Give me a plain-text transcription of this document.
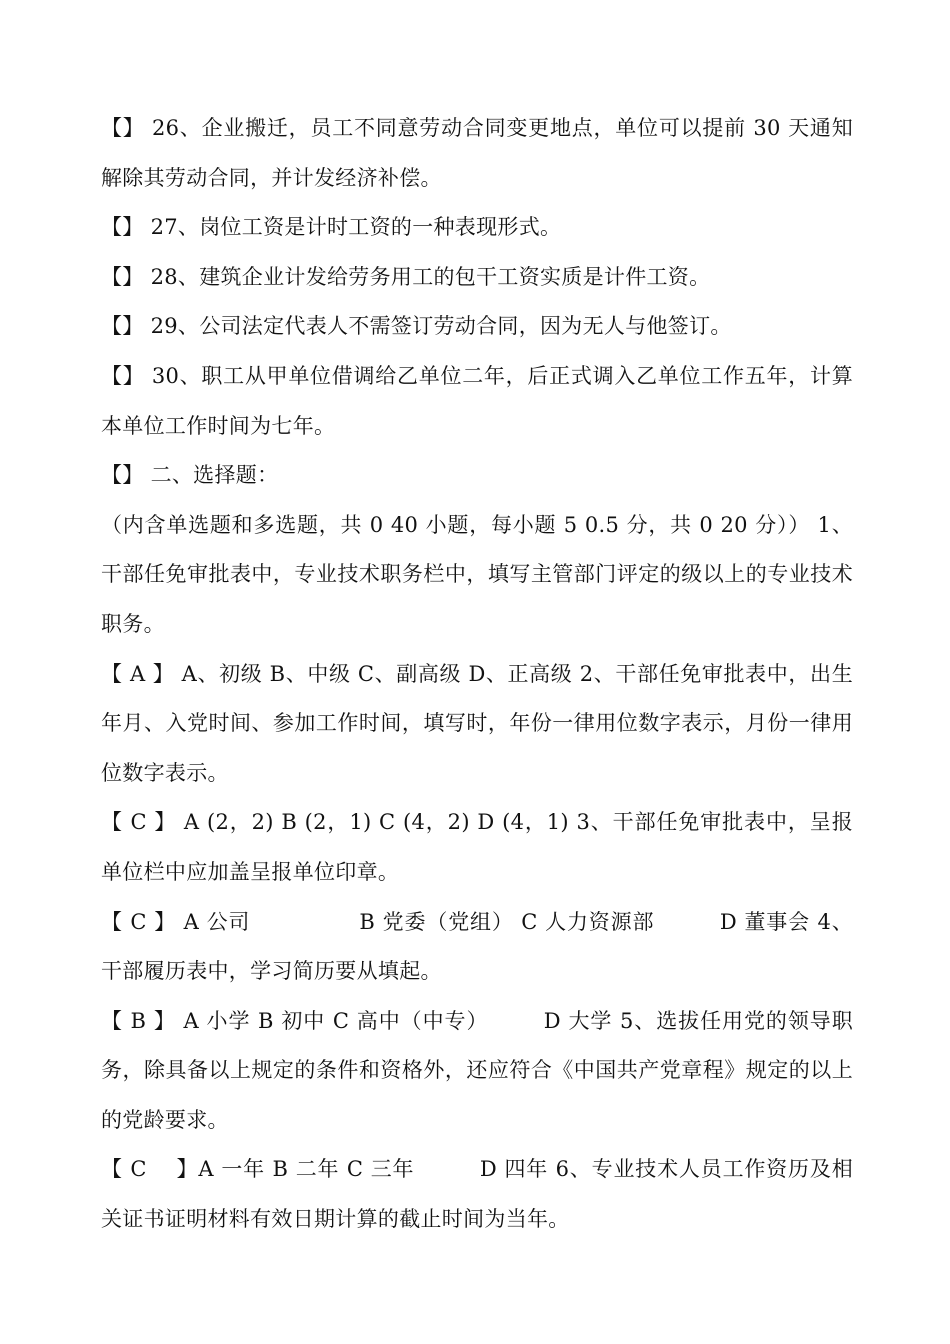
【】 26、企业搬迁，员工不同意劳动合同变更地点，单位可以提前 30 天通知解除其劳动合同，并计发经济补偿。

【】 27、岗位工资是计时工资的一种表现形式。

【】 28、建筑企业计发给劳务用工的包干工资实质是计件工资。

【】 29、公司法定代表人不需签订劳动合同，因为无人与他签订。

【】 30、职工从甲单位借调给乙单位二年，后正式调入乙单位工作五年，计算本单位工作时间为七年。

【】 二、选择题：

（内含单选题和多选题，共 0 40 小题，每小题 5 0.5 分，共 0 20 分）） 1、干部任免审批表中，专业技术职务栏中，填写主管部门评定的级以上的专业技术职务。

【 A 】 A、初级 B、中级 C、副高级 D、正高级 2、干部任免审批表中，出生年月、入党时间、参加工作时间，填写时，年份一律用位数字表示，月份一律用位数字表示。

【 C 】 A (2，2) B (2，1) C (4，2) D (4，1) 3、干部任免审批表中，呈报单位栏中应加盖呈报单位印章。

【 C 】 A 公司　　　　　B 党委（党组） C 人力资源部　　　D 董事会 4、干部履历表中，学习简历要从填起。

【 B 】 A 小学 B 初中 C 高中（中专）　　　D 大学 5、选拔任用党的领导职务，除具备以上规定的条件和资格外，还应符合《中国共产党章程》规定的以上的党龄要求。

【 C　 】A 一年 B 二年 C 三年　　　D 四年 6、专业技术人员工作资历及相关证书证明材料有效日期计算的截止时间为当年。
